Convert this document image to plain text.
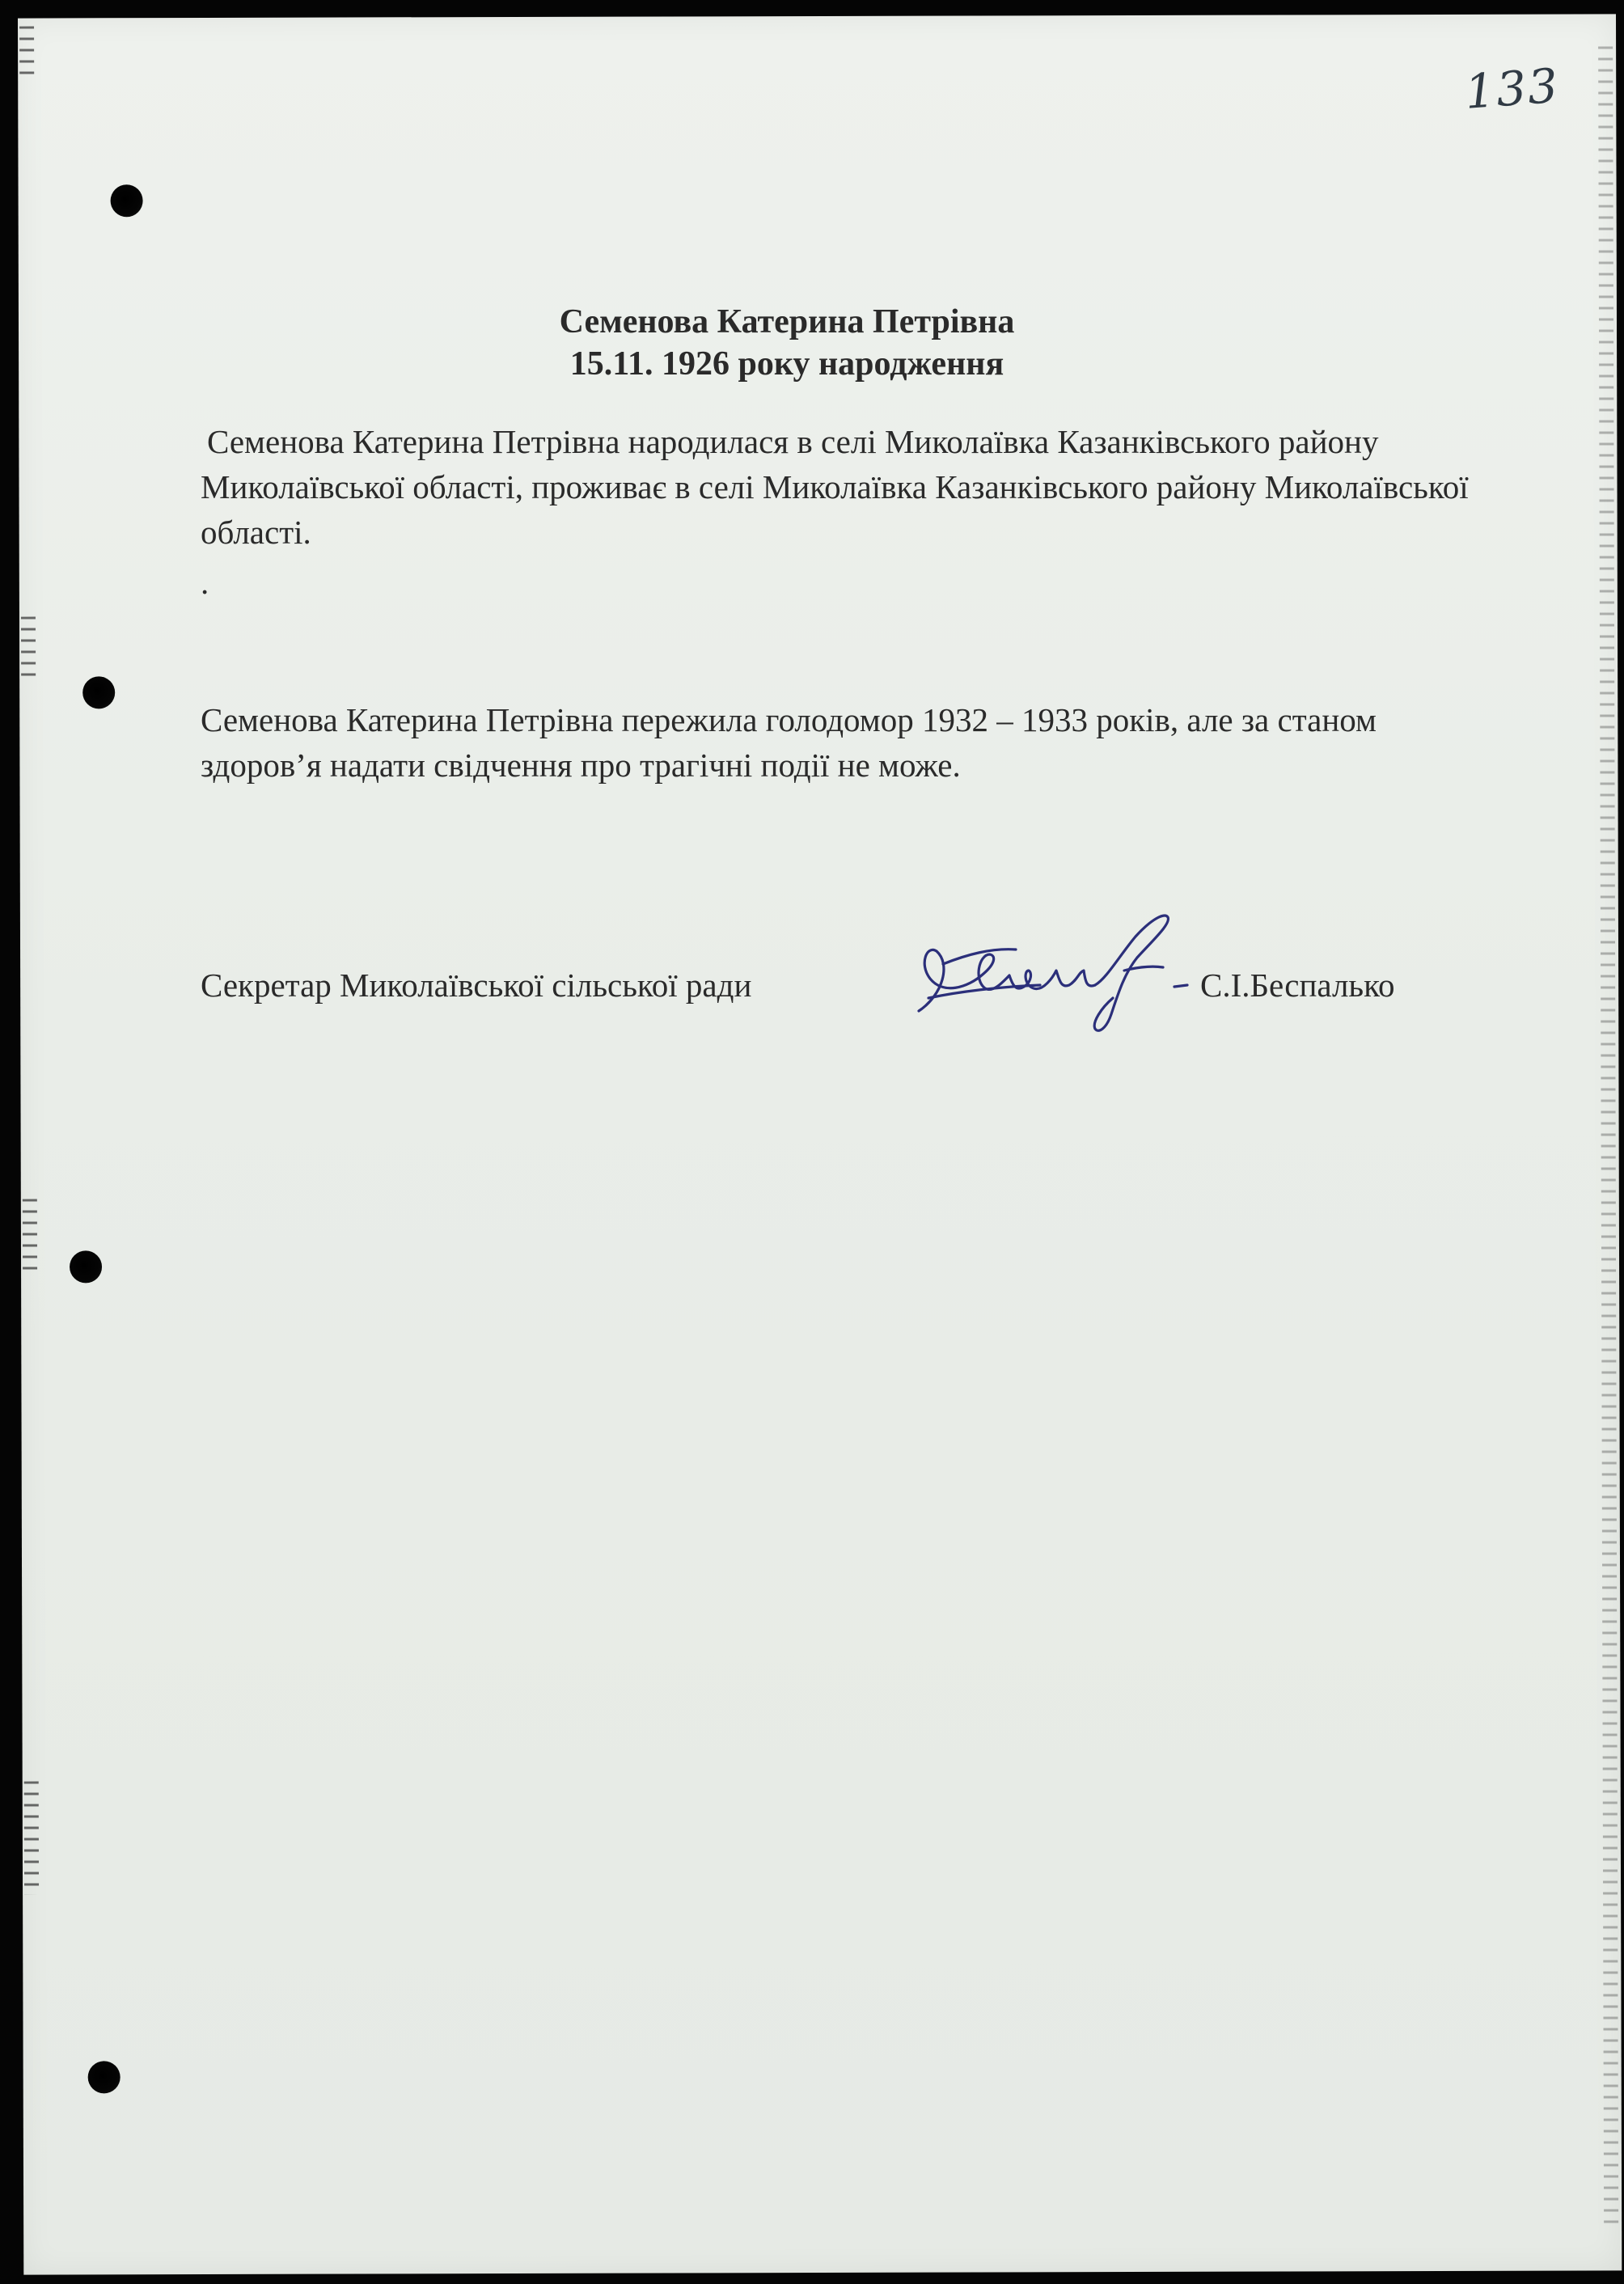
133
Семенова Катерина Петрівна
15.11. 1926 року народження

Семенова Катерина Петрівна народилася в селі Миколаївка Казанківського району Миколаївської області, проживає в селі Миколаївка Казанківського району Миколаївської області.

.

Семенова Катерина Петрівна пережила голодомор 1932 – 1933 років, але за станом здоров’я надати свідчення про трагічні події не може.

Секретар Миколаївської сільської ради	С.І.Беспалько
